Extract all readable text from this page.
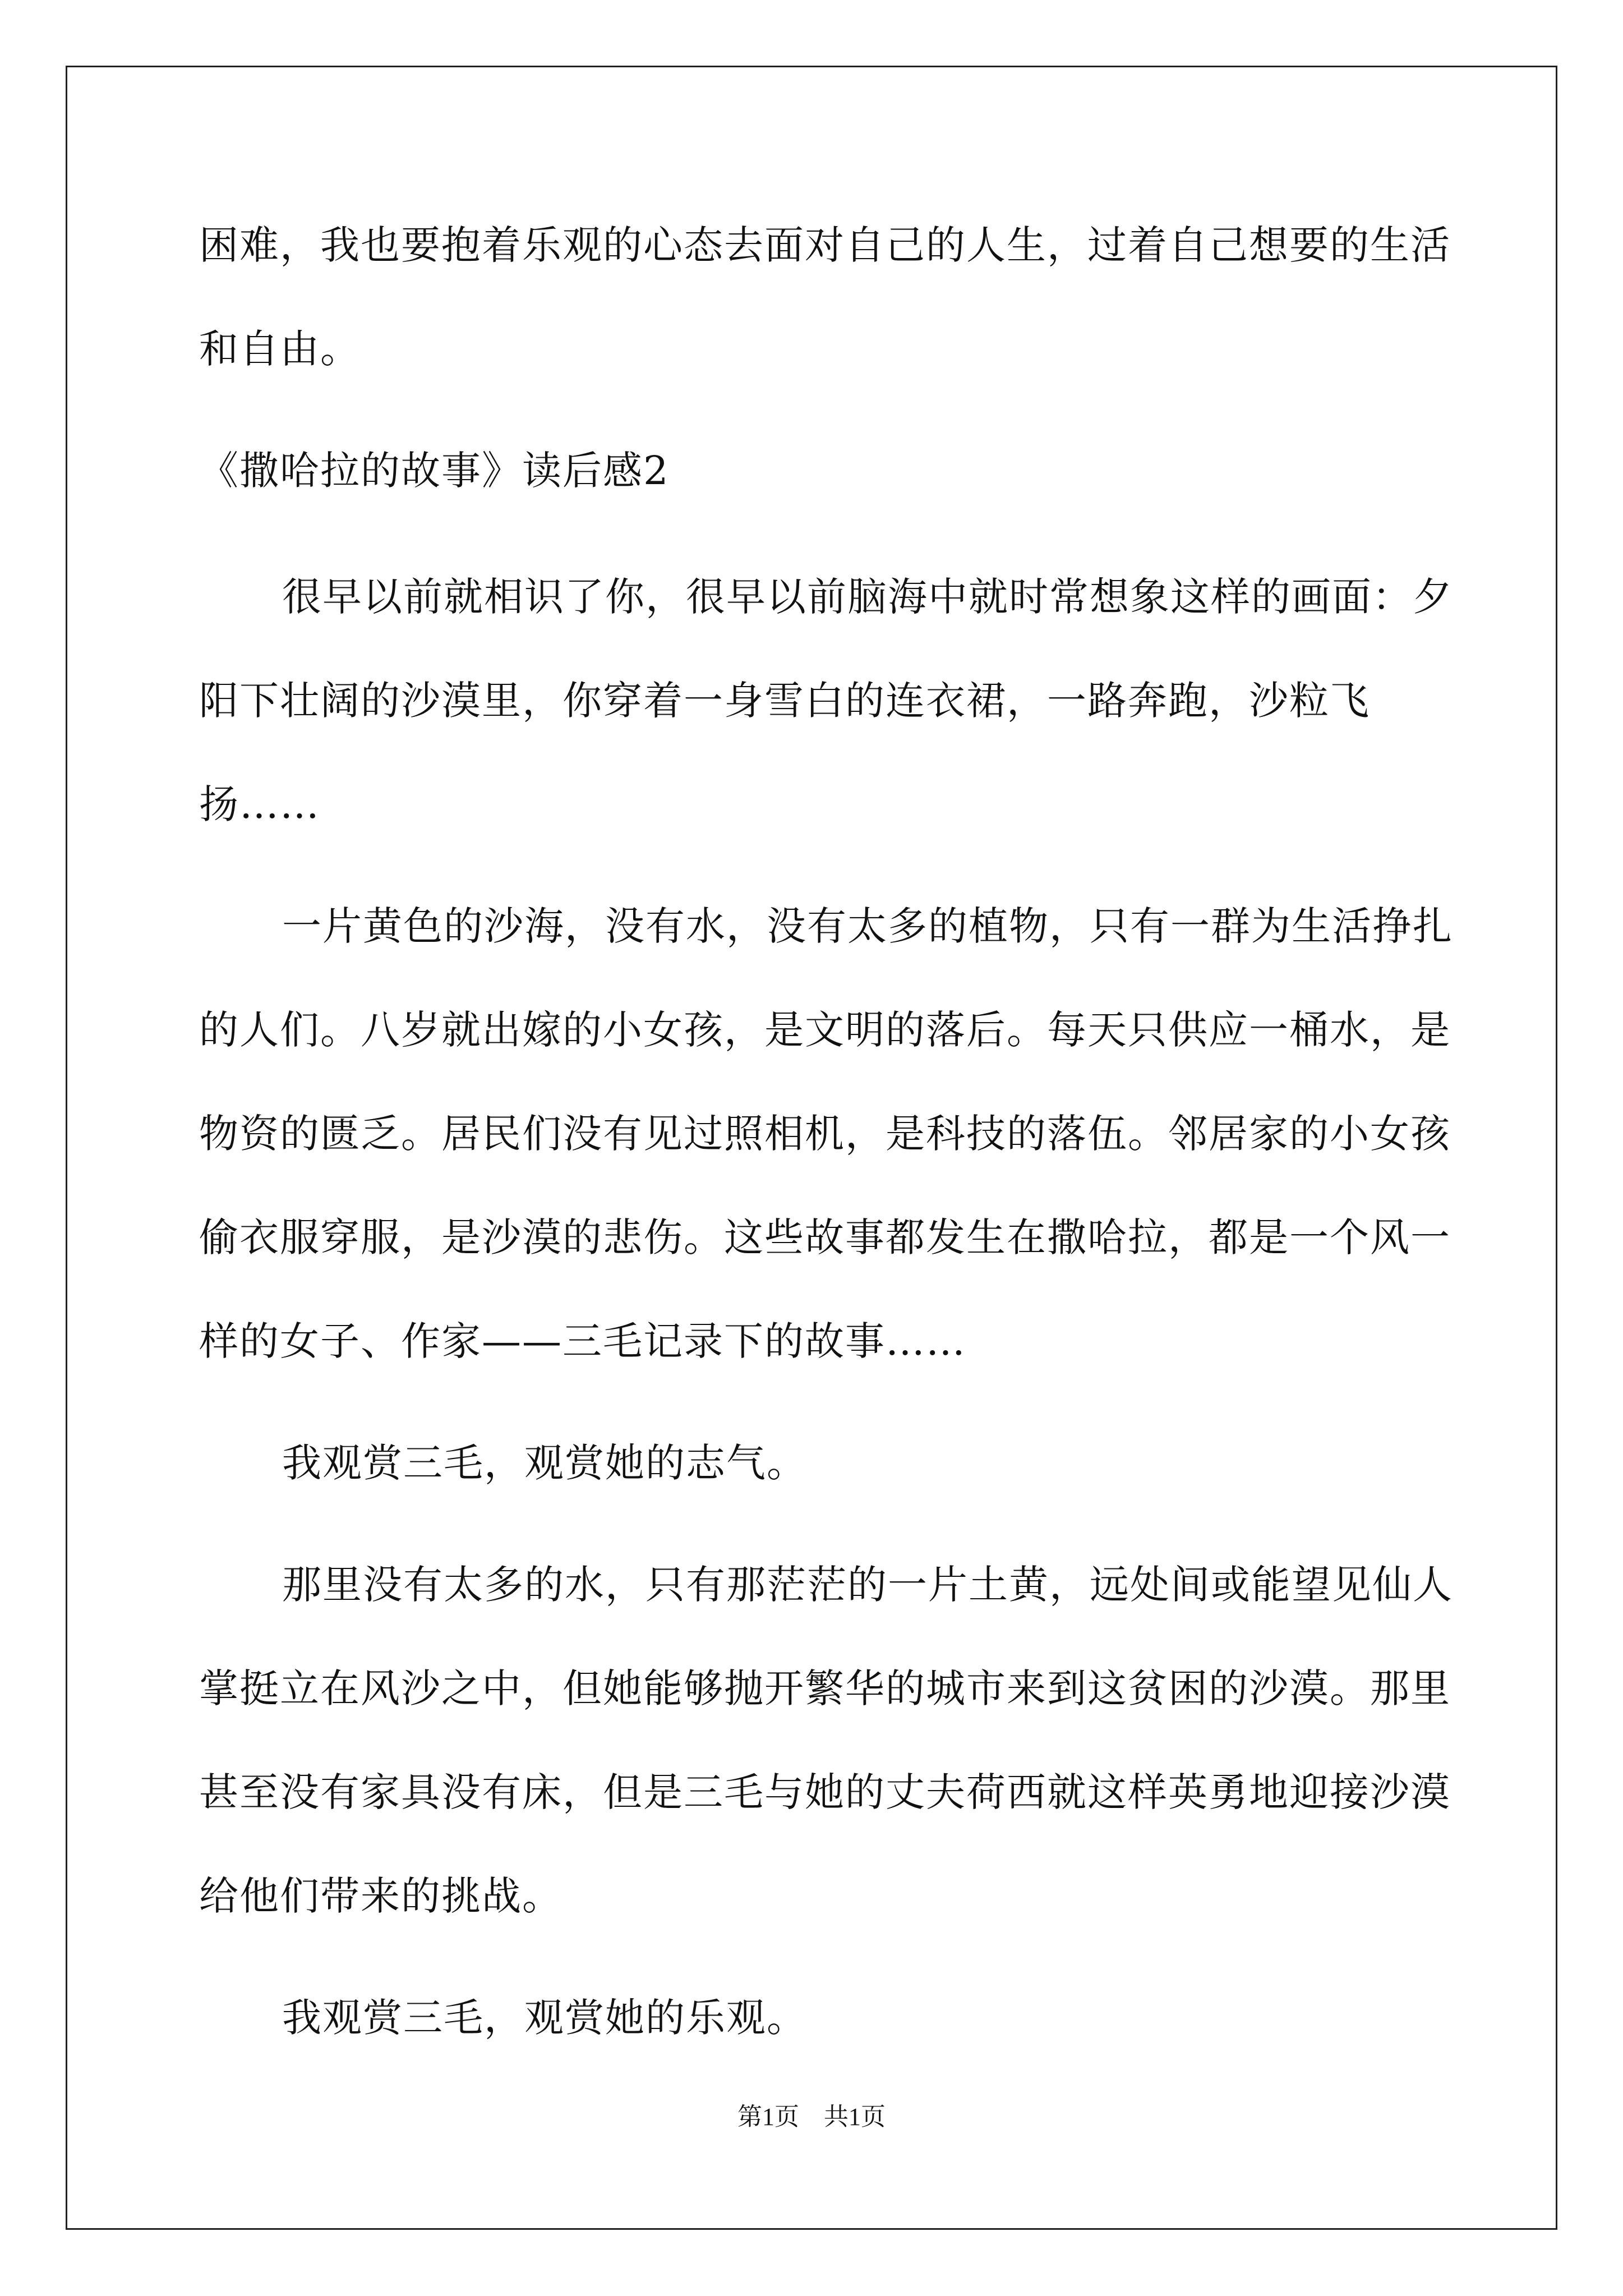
困难，我也要抱着乐观的心态去面对自己的人生，过着自己想要的生活和自由。

《撒哈拉的故事》读后感2

很早以前就相识了你，很早以前脑海中就时常想象这样的画面：夕阳下壮阔的沙漠里，你穿着一身雪白的连衣裙，一路奔跑，沙粒飞扬……

一片黄色的沙海，没有水，没有太多的植物，只有一群为生活挣扎的人们。八岁就出嫁的小女孩，是文明的落后。每天只供应一桶水，是物资的匮乏。居民们没有见过照相机，是科技的落伍。邻居家的小女孩偷衣服穿服，是沙漠的悲伤。这些故事都发生在撒哈拉，都是一个风一样的女子、作家——三毛记录下的故事……

我观赏三毛，观赏她的志气。

那里没有太多的水，只有那茫茫的一片土黄，远处间或能望见仙人掌挺立在风沙之中，但她能够抛开繁华的城市来到这贫困的沙漠。那里甚至没有家具没有床，但是三毛与她的丈夫荷西就这样英勇地迎接沙漠给他们带来的挑战。

我观赏三毛，观赏她的乐观。

第1页　共1页
